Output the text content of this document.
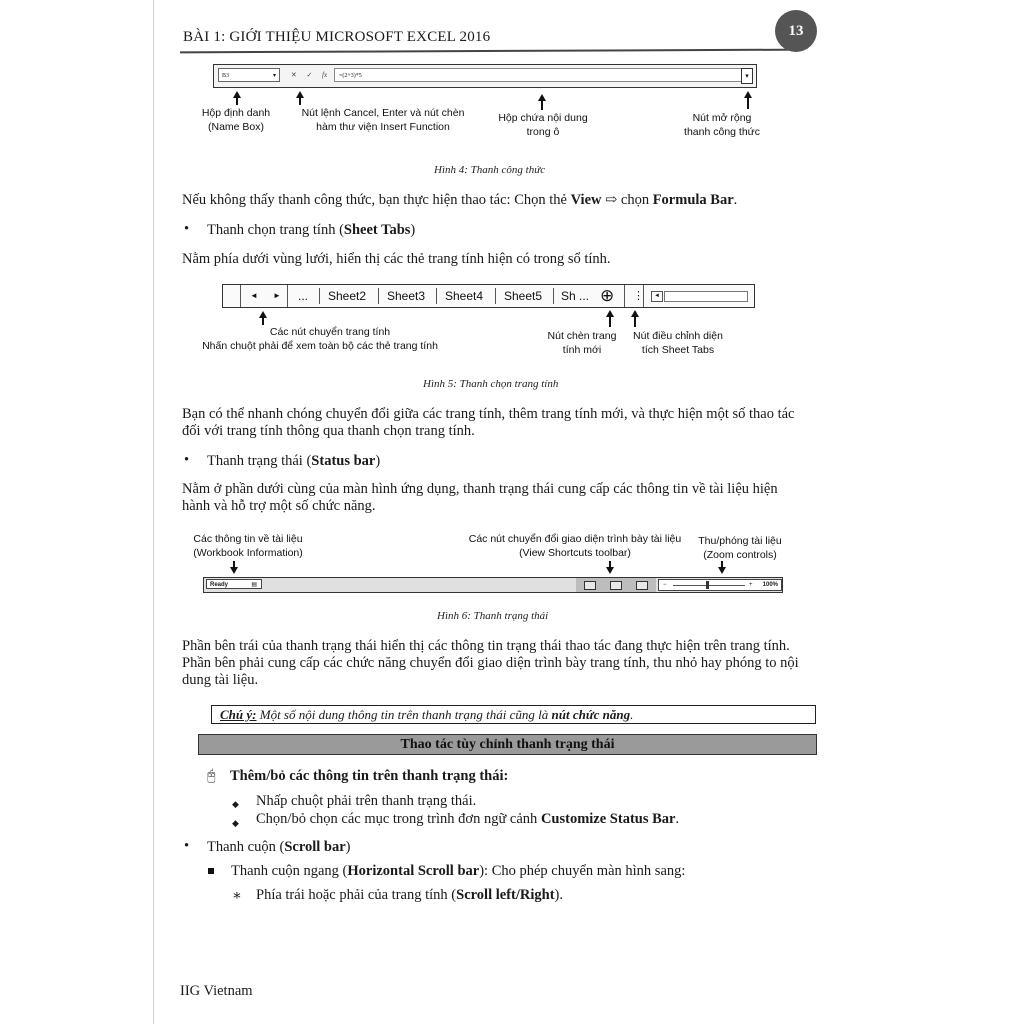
BÀI 1: GIỚI THIỆU MICROSOFT EXCEL 2016	13
B3	▾ ✕ ✓ fx	=(2+3)*5	▾
Hộp định danh
(Name Box)
Nút lệnh Cancel, Enter và nút chèn
hàm thư viện Insert Function
Hộp chứa nội dung
trong ô
Nút mở rộng
thanh công thức
Hình 4: Thanh công thức
Nếu không thấy thanh công thức, bạn thực hiện thao tác: Chọn thẻ View ⇨ chọn Formula Bar.
• Thanh chọn trang tính (Sheet Tabs)
Nằm phía dưới vùng lưới, hiển thị các thẻ trang tính hiện có trong sổ tính.
◄ ► ... Sheet2 Sheet3 Sheet4 Sheet5 Sh ... ⊕ ⋮	◄
Các nút chuyển trang tính
Nhấn chuột phải để xem toàn bộ các thẻ trang tính
Nút chèn trang
tính mới
Nút điều chỉnh diện
tích Sheet Tabs
Hình 5: Thanh chọn trang tính
Bạn có thể nhanh chóng chuyển đổi giữa các trang tính, thêm trang tính mới, và thực hiện một số thao tác
đối với trang tính thông qua thanh chọn trang tính.
• Thanh trạng thái (Status bar)
Nằm ở phần dưới cùng của màn hình ứng dụng, thanh trạng thái cung cấp các thông tin về tài liệu hiện
hành và hỗ trợ một số chức năng.
Các thông tin về tài liệu
(Workbook Information)
Các nút chuyển đổi giao diện trình bày tài liệu
(View Shortcuts toolbar)
Thu/phóng tài liệu
(Zoom controls)
Ready	▤	−	+ 100%
Hình 6: Thanh trạng thái
Phần bên trái của thanh trạng thái hiển thị các thông tin trạng thái thao tác đang thực hiện trên trang tính.
Phần bên phải cung cấp các chức năng chuyển đổi giao diện trình bày trang tính, thu nhỏ hay phóng to nội
dung tài liệu.
Chú ý: Một số nội dung thông tin trên thanh trạng thái cũng là nút chức năng.
Thao tác tùy chỉnh thanh trạng thái
🖰 Thêm/bỏ các thông tin trên thanh trạng thái:
◆ Nhấp chuột phải trên thanh trạng thái.
◆ Chọn/bỏ chọn các mục trong trình đơn ngữ cảnh Customize Status Bar.
• Thanh cuộn (Scroll bar)
Thanh cuộn ngang (Horizontal Scroll bar): Cho phép chuyển màn hình sang:
∗ Phía trái hoặc phải của trang tính (Scroll left/Right).
IIG Vietnam
